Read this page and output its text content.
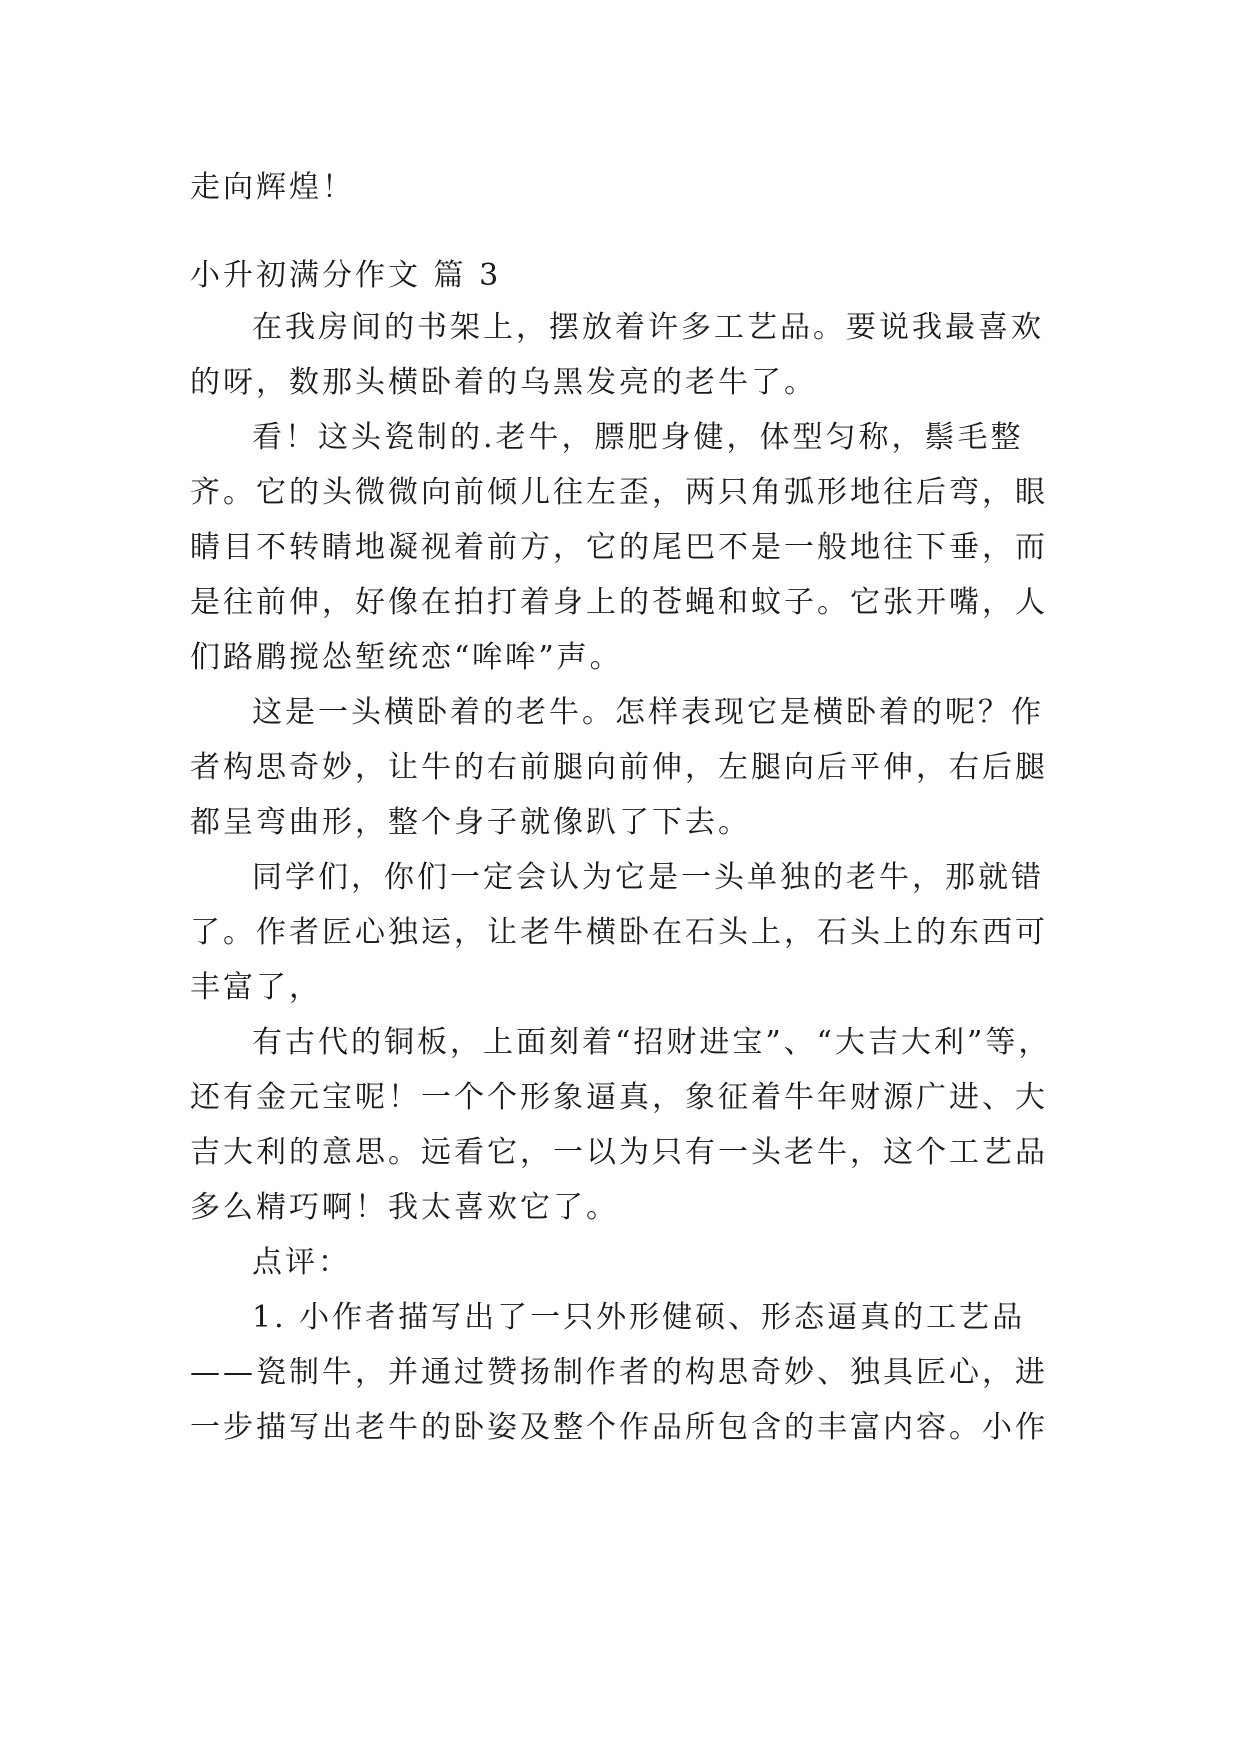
走向辉煌！
小升初满分作文 篇 3
在我房间的书架上，摆放着许多工艺品。要说我最喜欢
的呀，数那头横卧着的乌黑发亮的老牛了。
看！这头瓷制的.老牛，膘肥身健，体型匀称，鬃毛整
齐。它的头微微向前倾儿往左歪，两只角弧形地往后弯，眼
睛目不转睛地凝视着前方，它的尾巴不是一般地往下垂，而
是往前伸，好像在拍打着身上的苍蝇和蚊子。它张开嘴，人
们路鹛搅怂堑统恋“哞哞”声。
这是一头横卧着的老牛。怎样表现它是横卧着的呢？作
者构思奇妙，让牛的右前腿向前伸，左腿向后平伸，右后腿
都呈弯曲形，整个身子就像趴了下去。
同学们，你们一定会认为它是一头单独的老牛，那就错
了。作者匠心独运，让老牛横卧在石头上，石头上的东西可
丰富了，
有古代的铜板，上面刻着“招财进宝”、“大吉大利”等，
还有金元宝呢！一个个形象逼真，象征着牛年财源广进、大
吉大利的意思。远看它，一以为只有一头老牛，这个工艺品
多么精巧啊！我太喜欢它了。
点评：
1. 小作者描写出了一只外形健硕、形态逼真的工艺品
——瓷制牛，并通过赞扬制作者的构思奇妙、独具匠心，进
一步描写出老牛的卧姿及整个作品所包含的丰富内容。小作
